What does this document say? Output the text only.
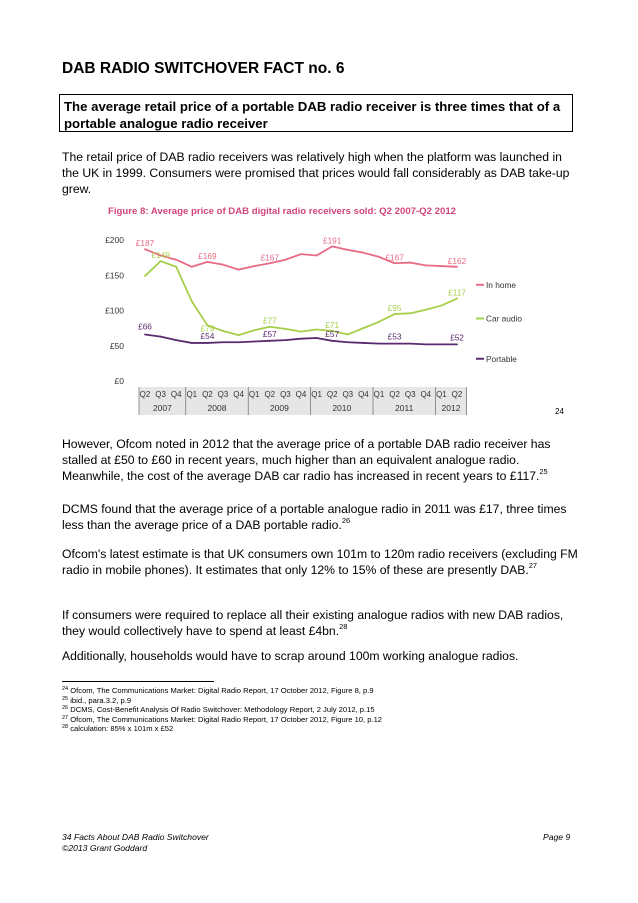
DAB RADIO SWITCHOVER FACT no. 6
The average retail price of a portable DAB radio receiver is three times that of a portable analogue radio receiver
The retail price of DAB radio receivers was relatively high when the platform was launched in the UK in 1999. Consumers were promised that prices would fall considerably as DAB take-up grew.
Figure 8: Average price of DAB digital radio receivers sold: Q2 2007-Q2 2012
£0
£50
£100
£150
£200
Q2 Q3 Q4 Q1 Q2 Q3 Q4 Q1 Q2 Q3 Q4 Q1 Q2 Q3 Q4 Q1 Q2 Q3 Q4 Q1 Q2
2007	2008	2009	2010	2011	2012
£187
£169	£167
£191
£167	£162
In home
£149
£79
£77	£71
£95
£117
Car audio
£66
£54	£57	£57	£53	£52
Portable
24
However, Ofcom noted in 2012 that the average price of a portable DAB radio receiver has stalled at £50 to £60 in recent years, much higher than an equivalent analogue radio. Meanwhile, the cost of the average DAB car radio has increased in recent years to £117.25
DCMS found that the average price of a portable analogue radio in 2011 was £17, three times less than the average price of a DAB portable radio.$^{26}$
Ofcom's latest estimate is that UK consumers own 101m to 120m radio receivers (excluding FM radio in mobile phones). It estimates that only 12% to 15% of these are presently DAB.$^{27}$
If consumers were required to replace all their existing analogue radios with new DAB radios, they would collectively have to spend at least £4bn.$^{28}$
Additionally, households would have to scrap around 100m working analogue radios.
$^{24}$ Ofcom, The Communications Market: Digital Radio Report, 17 October 2012, Figure 8, p.9
$^{25}$ ibid., para.3.2, p.9
$^{26}$ DCMS, Cost-Benefit Analysis Of Radio Switchover: Methodology Report, 2 July 2012, p.15
$^{27}$ Ofcom, The Communications Market: Digital Radio Report, 17 October 2012, Figure 10, p.12
$^{28}$ calculation: 85% x 101m x £52
34 Facts About DAB Radio Switchover
©2013 Grant Goddard
Page 9
